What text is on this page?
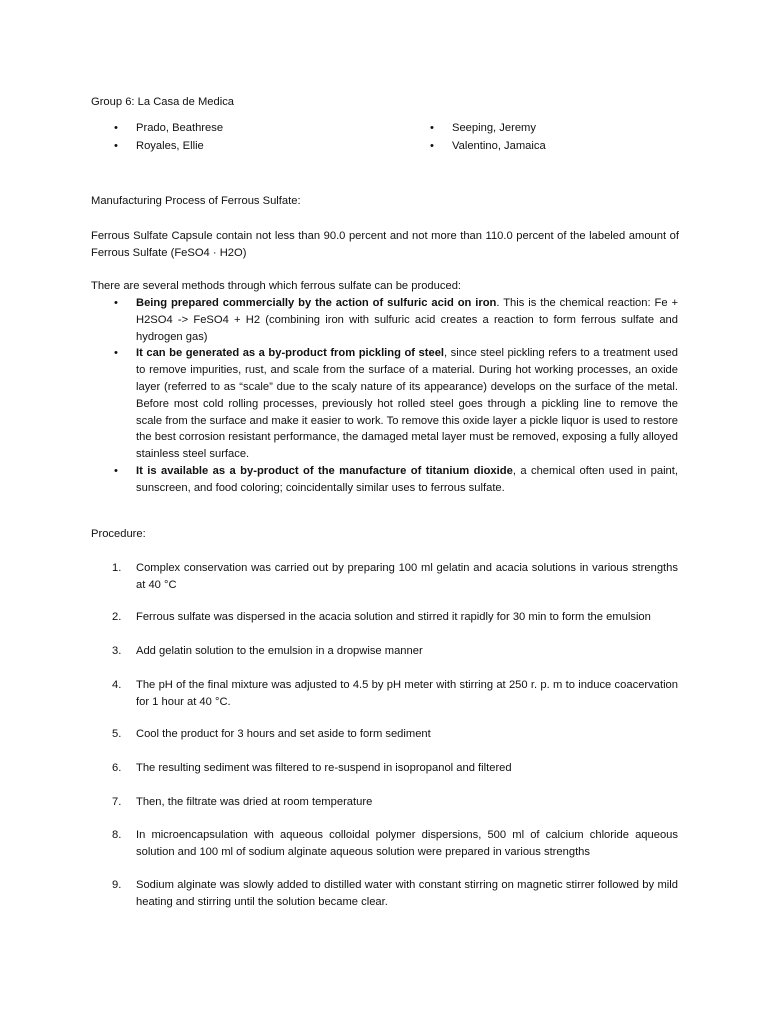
Group 6: La Casa de Medica
• Prado, Beathrese
• Royales, Ellie
• Seeping, Jeremy
• Valentino, Jamaica
Manufacturing Process of Ferrous Sulfate:
Ferrous Sulfate Capsule contain not less than 90.0 percent and not more than 110.0 percent of the labeled amount of Ferrous Sulfate (FeSO4 · H2O)
There are several methods through which ferrous sulfate can be produced:

• Being prepared commercially by the action of sulfuric acid on iron. This is the chemical reaction: Fe + H2SO4 -> FeSO4 + H2 (combining iron with sulfuric acid creates a reaction to form ferrous sulfate and hydrogen gas)

• It can be generated as a by-product from pickling of steel, since steel pickling refers to a treatment used to remove impurities, rust, and scale from the surface of a material. During hot working processes, an oxide layer (referred to as “scale” due to the scaly nature of its appearance) develops on the surface of the metal. Before most cold rolling processes, previously hot rolled steel goes through a pickling line to remove the scale from the surface and make it easier to work. To remove this oxide layer a pickle liquor is used to restore the best corrosion resistant performance, the damaged metal layer must be removed, exposing a fully alloyed stainless steel surface.

• It is available as a by-product of the manufacture of titanium dioxide, a chemical often used in paint, sunscreen, and food coloring; coincidentally similar uses to ferrous sulfate.

Procedure:
1. Complex conservation was carried out by preparing 100 ml gelatin and acacia solutions in various strengths at 40 °C
2. Ferrous sulfate was dispersed in the acacia solution and stirred it rapidly for 30 min to form the emulsion
3. Add gelatin solution to the emulsion in a dropwise manner
4. The pH of the final mixture was adjusted to 4.5 by pH meter with stirring at 250 r. p. m to induce coacervation for 1 hour at 40 °C.
5. Cool the product for 3 hours and set aside to form sediment
6. The resulting sediment was filtered to re-suspend in isopropanol and filtered
7. Then, the filtrate was dried at room temperature
8. In microencapsulation with aqueous colloidal polymer dispersions, 500 ml of calcium chloride aqueous solution and 100 ml of sodium alginate aqueous solution were prepared in various strengths
9. Sodium alginate was slowly added to distilled water with constant stirring on magnetic stirrer followed by mild heating and stirring until the solution became clear.
